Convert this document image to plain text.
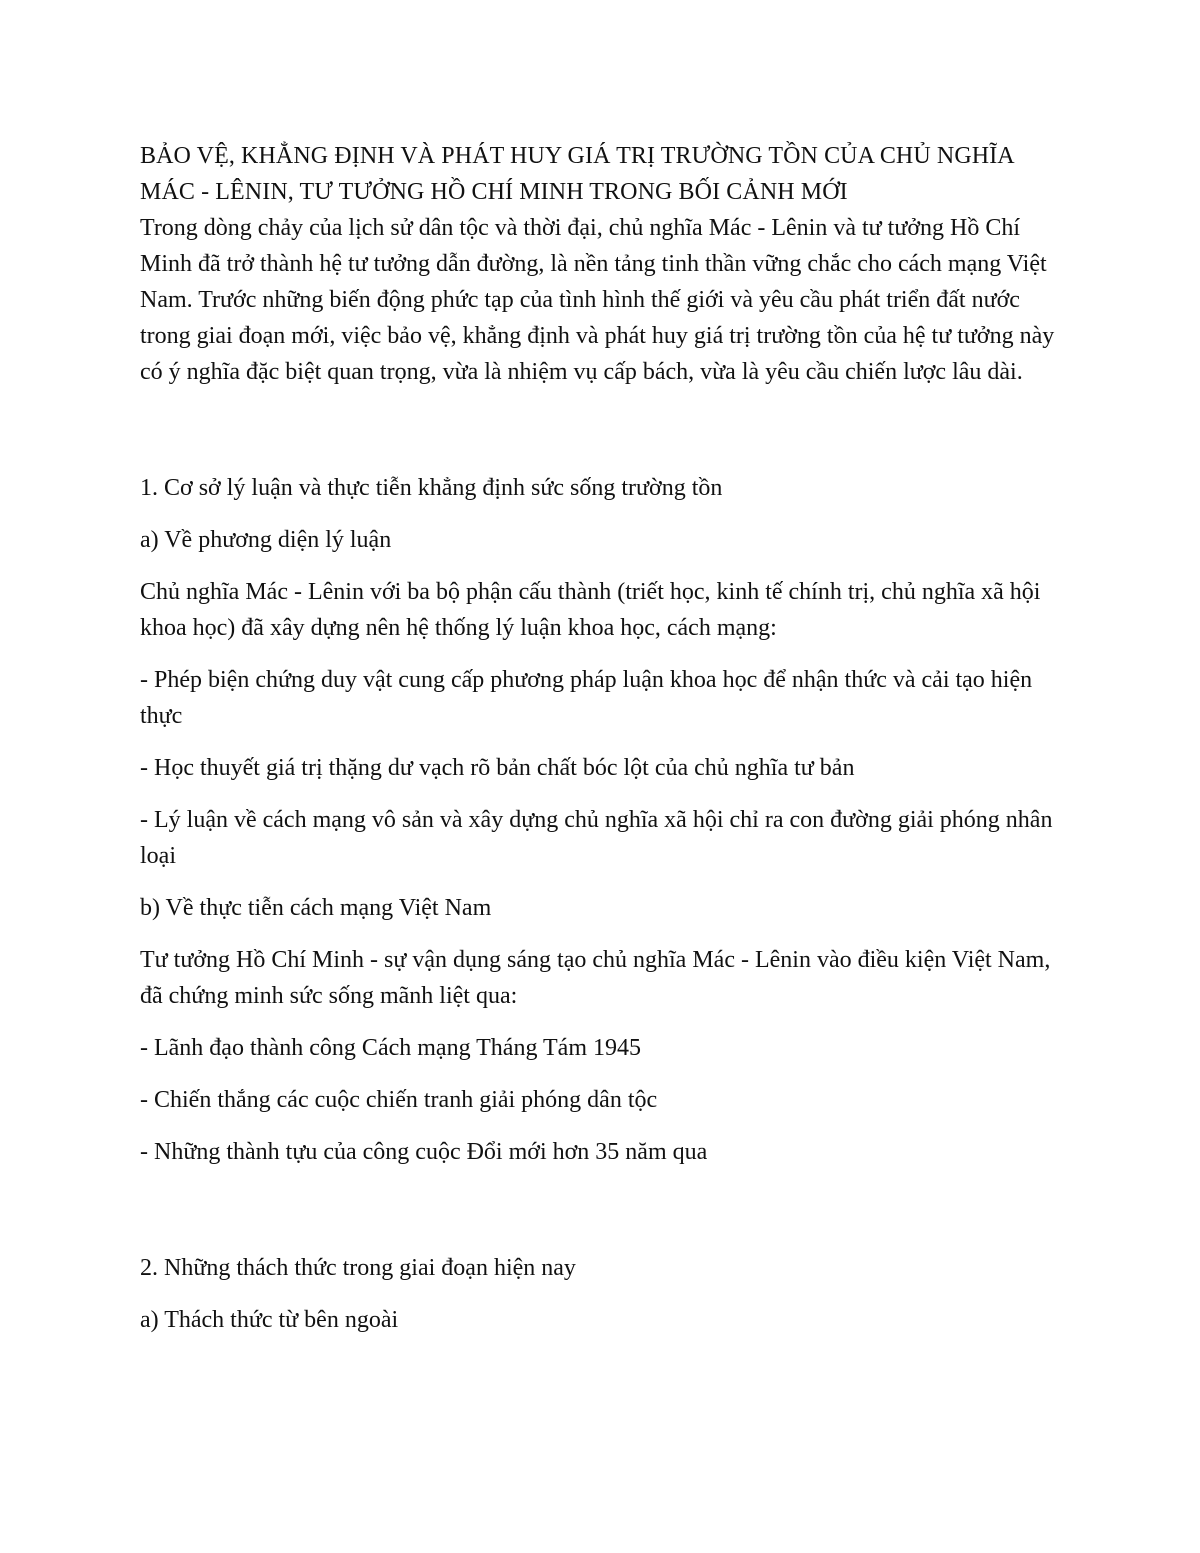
BẢO VỆ, KHẲNG ĐỊNH VÀ PHÁT HUY GIÁ TRỊ TRƯỜNG TỒN CỦA CHỦ NGHĨA MÁC - LÊNIN, TƯ TƯỞNG HỒ CHÍ MINH TRONG BỐI CẢNH MỚI

Trong dòng chảy của lịch sử dân tộc và thời đại, chủ nghĩa Mác - Lênin và tư tưởng Hồ Chí Minh đã trở thành hệ tư tưởng dẫn đường, là nền tảng tinh thần vững chắc cho cách mạng Việt Nam. Trước những biến động phức tạp của tình hình thế giới và yêu cầu phát triển đất nước trong giai đoạn mới, việc bảo vệ, khẳng định và phát huy giá trị trường tồn của hệ tư tưởng này có ý nghĩa đặc biệt quan trọng, vừa là nhiệm vụ cấp bách, vừa là yêu cầu chiến lược lâu dài.

1. Cơ sở lý luận và thực tiễn khẳng định sức sống trường tồn

a) Về phương diện lý luận

Chủ nghĩa Mác - Lênin với ba bộ phận cấu thành (triết học, kinh tế chính trị, chủ nghĩa xã hội khoa học) đã xây dựng nên hệ thống lý luận khoa học, cách mạng:

- Phép biện chứng duy vật cung cấp phương pháp luận khoa học để nhận thức và cải tạo hiện thực

- Học thuyết giá trị thặng dư vạch rõ bản chất bóc lột của chủ nghĩa tư bản

- Lý luận về cách mạng vô sản và xây dựng chủ nghĩa xã hội chỉ ra con đường giải phóng nhân loại

b) Về thực tiễn cách mạng Việt Nam

Tư tưởng Hồ Chí Minh - sự vận dụng sáng tạo chủ nghĩa Mác - Lênin vào điều kiện Việt Nam, đã chứng minh sức sống mãnh liệt qua:

- Lãnh đạo thành công Cách mạng Tháng Tám 1945

- Chiến thắng các cuộc chiến tranh giải phóng dân tộc

- Những thành tựu của công cuộc Đổi mới hơn 35 năm qua

2. Những thách thức trong giai đoạn hiện nay

a) Thách thức từ bên ngoài
